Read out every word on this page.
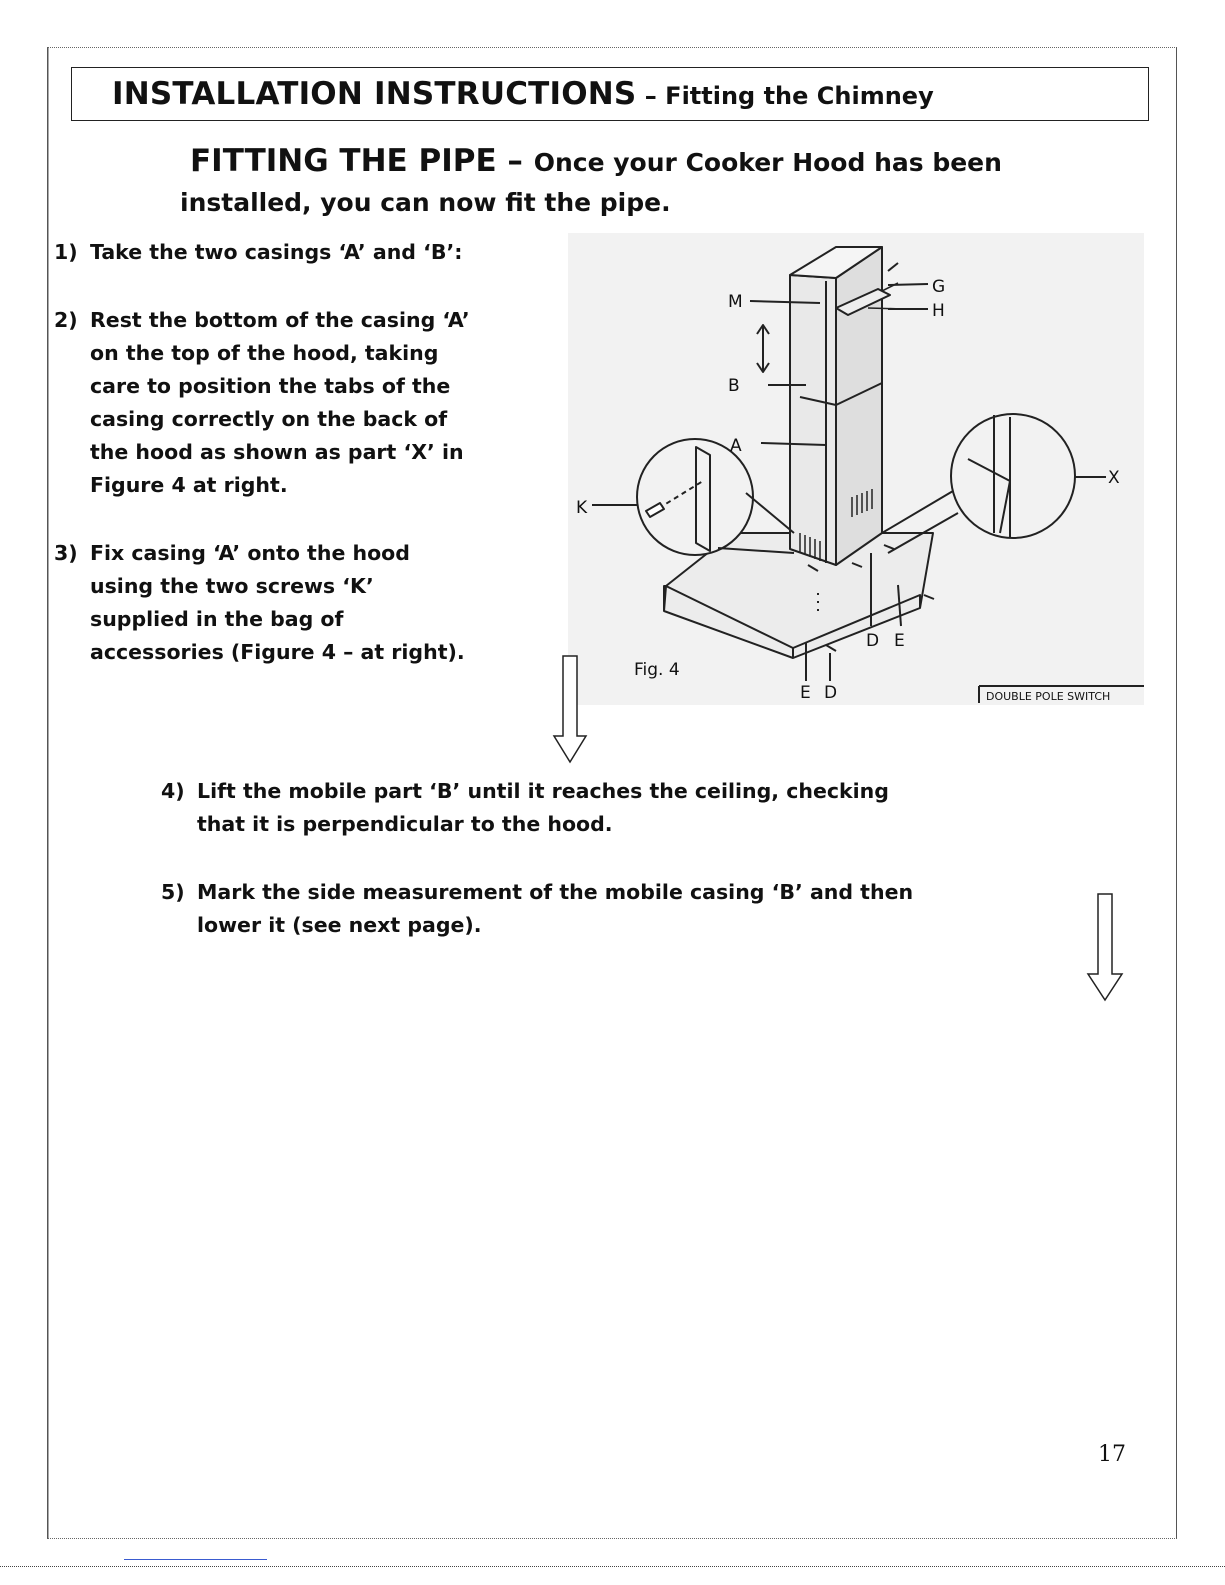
INSTALLATION INSTRUCTIONS – Fitting the Chimney
FITTING THE PIPE – Once your Cooker Hood has been
installed, you can now fit the pipe.
1) Take the two casings ‘A’ and ‘B’:
2) Rest the bottom of the casing ‘A’
on the top of the hood, taking
care to position the tabs of the
casing correctly on the back of
the hood as shown as part ‘X’ in
Figure 4 at right.
3) Fix casing ‘A’ onto the hood
using the two screws ‘K’
supplied in the bag of
accessories (Figure 4 – at right).
4) Lift the mobile part ‘B’ until it reaches the ceiling, checking
that it is perpendicular to the hood.
5) Mark the side measurement of the mobile casing ‘B’ and then
lower it (see next page).
M
G
H
B
A
K
X
D E
E D
Fig. 4
DOUBLE POLE SWITCH
17
